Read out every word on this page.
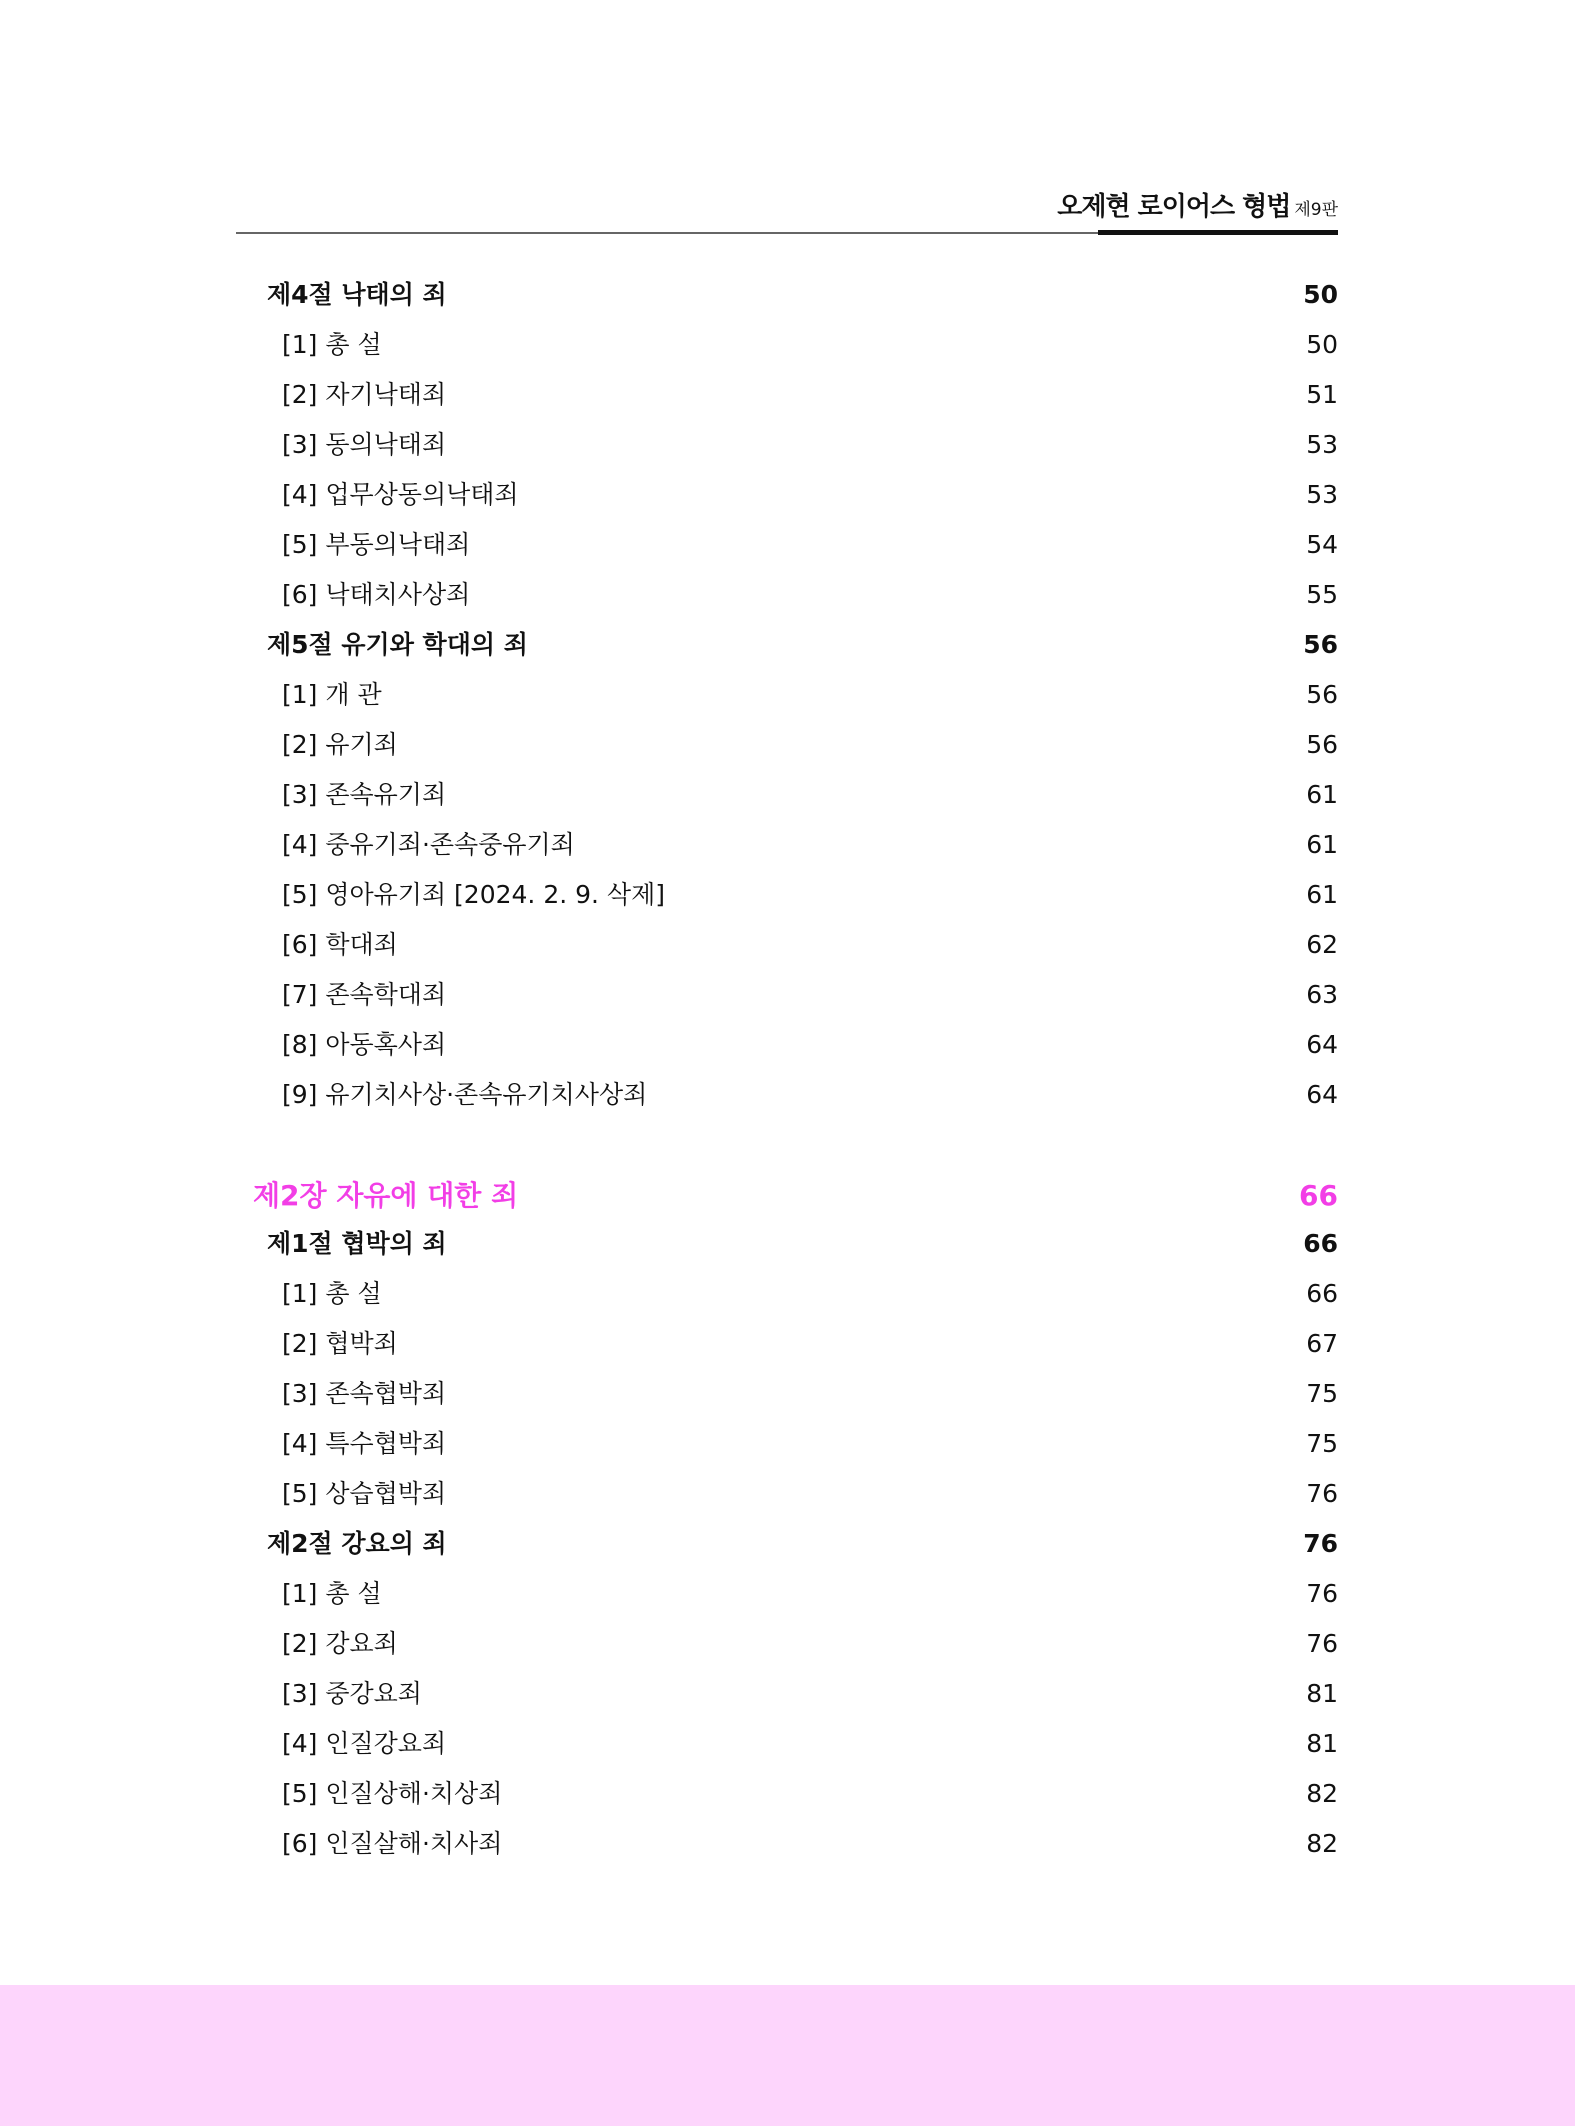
오제현 로이어스 형법 제9판
제4절 낙태의 죄	50
[1] 총 설	50
[2] 자기낙태죄	51
[3] 동의낙태죄	53
[4] 업무상동의낙태죄	53
[5] 부동의낙태죄	54
[6] 낙태치사상죄	55
제5절 유기와 학대의 죄	56
[1] 개 관	56
[2] 유기죄	56
[3] 존속유기죄	61
[4] 중유기죄·존속중유기죄	61
[5] 영아유기죄 [2024. 2. 9. 삭제]	61
[6] 학대죄	62
[7] 존속학대죄	63
[8] 아동혹사죄	64
[9] 유기치사상·존속유기치사상죄	64
제2장 자유에 대한 죄	66
제1절 협박의 죄	66
[1] 총 설	66
[2] 협박죄	67
[3] 존속협박죄	75
[4] 특수협박죄	75
[5] 상습협박죄	76
제2절 강요의 죄	76
[1] 총 설	76
[2] 강요죄	76
[3] 중강요죄	81
[4] 인질강요죄	81
[5] 인질상해·치상죄	82
[6] 인질살해·치사죄	82
